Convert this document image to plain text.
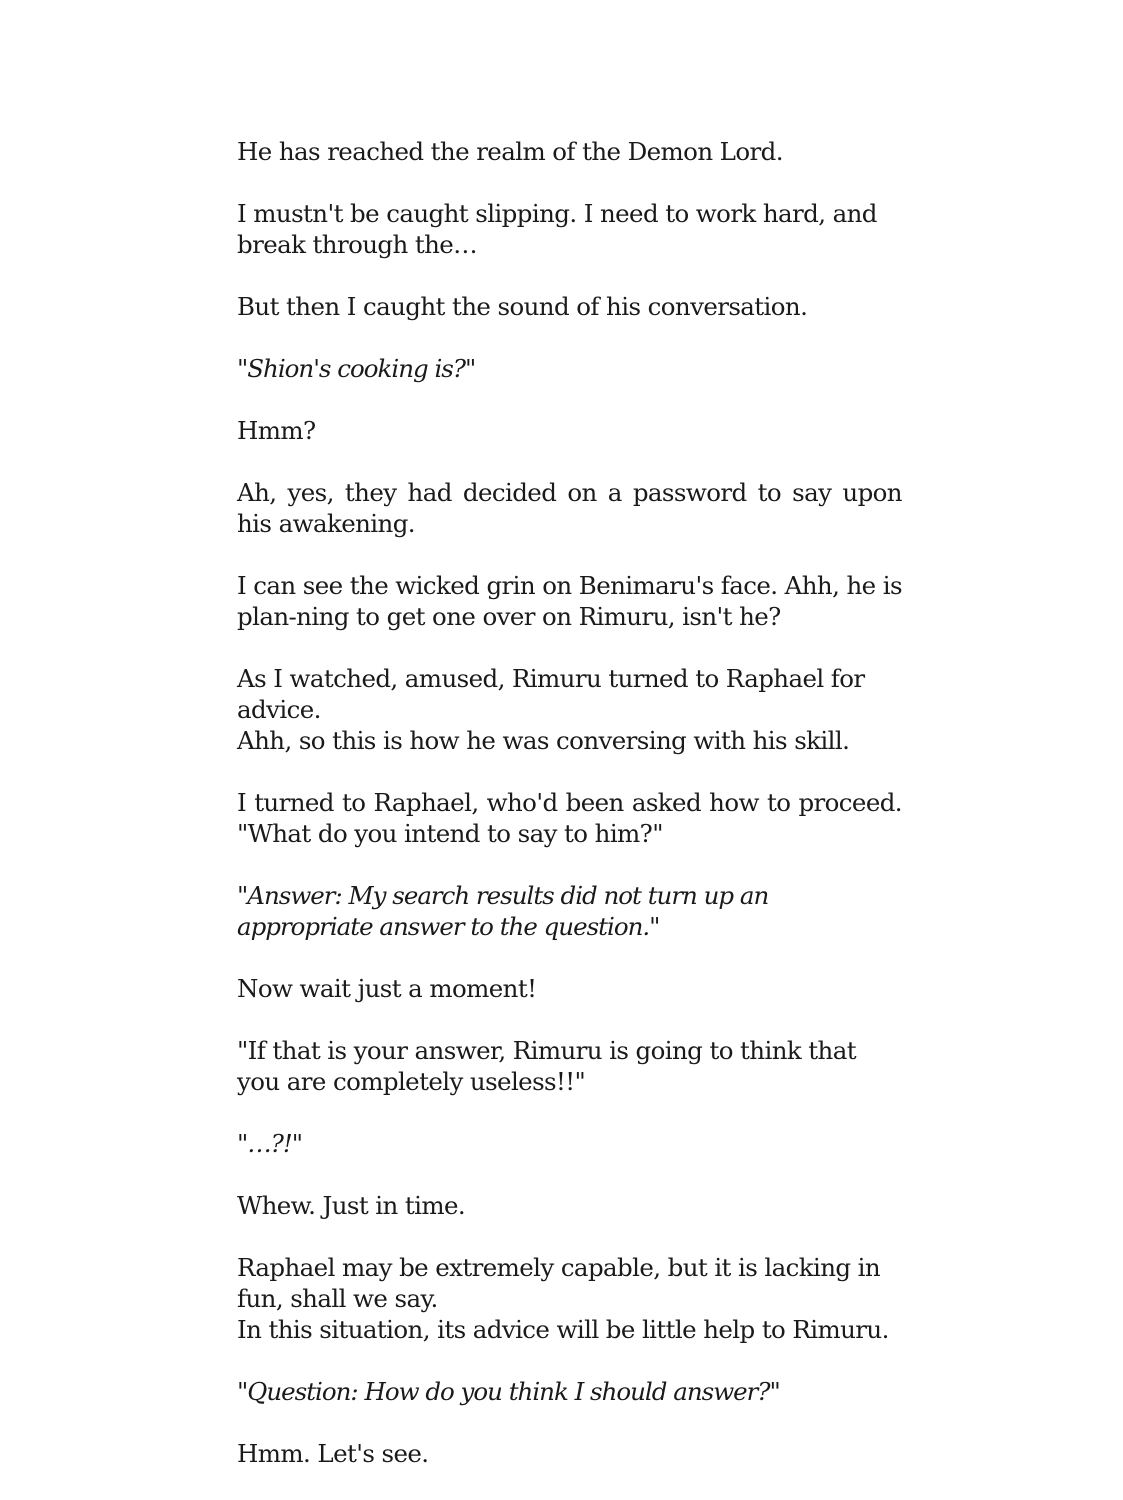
He has reached the realm of the Demon Lord.

I mustn't be caught slipping. I need to work hard, and break through the…

But then I caught the sound of his conversation.

"Shion's cooking is?"

Hmm?

Ah, yes, they had decided on a password to say upon his awakening.

I can see the wicked grin on Benimaru's face. Ahh, he is plan-ning to get one over on Rimuru, isn't he?

As I watched, amused, Rimuru turned to Raphael for advice.
Ahh, so this is how he was conversing with his skill.

I turned to Raphael, who'd been asked how to proceed. "What do you intend to say to him?"

"Answer: My search results did not turn up an appropriate answer to the question."

Now wait just a moment!

"If that is your answer, Rimuru is going to think that you are completely useless!!"

"…?!"

Whew. Just in time.

Raphael may be extremely capable, but it is lacking in fun, shall we say.
In this situation, its advice will be little help to Rimuru.

"Question: How do you think I should answer?"

Hmm. Let's see.
